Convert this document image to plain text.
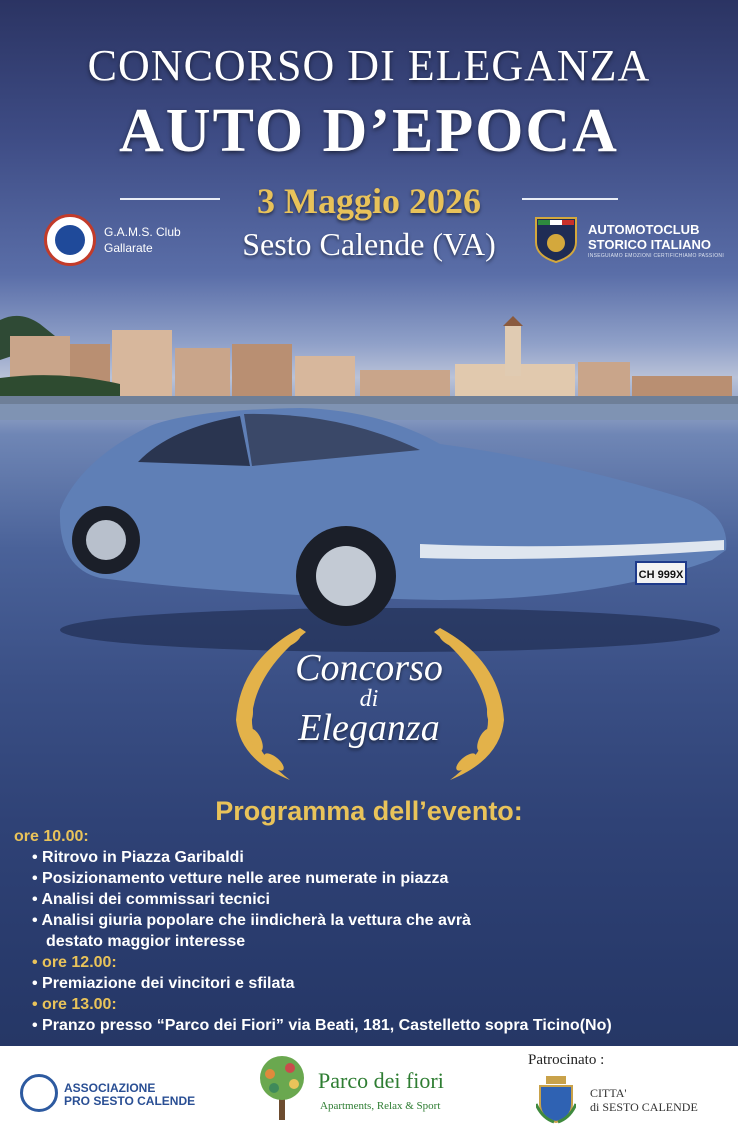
CONCORSO DI ELEGANZA
AUTO D’EPOCA
3 Maggio 2026
Sesto Calende (VA)
G.A.M.S. Club
Gallarate
AUTOMOTOCLUB
STORICO ITALIANO
INSEGUIAMO EMOZIONI CERTIFICHIAMO PASSIONI
CH 999X
Concorso
di
Eleganza
Programma dell’evento:
ore 10.00:
• Ritrovo in Piazza Garibaldi
• Posizionamento vetture nelle aree numerate in piazza
• Analisi dei commissari tecnici
• Analisi giuria popolare che iindicherà la vettura che avrà
destato maggior interesse
• ore 12.00:
• Premiazione dei vincitori e sfilata
• ore 13.00:
• Pranzo presso “Parco dei Fiori” via Beati, 181, Castelletto sopra Ticino(No)
ASSOCIAZIONE
PRO SESTO CALENDE
Parco dei fiori
Apartments, Relax & Sport
Patrocinato :
CITTA'
di SESTO CALENDE
